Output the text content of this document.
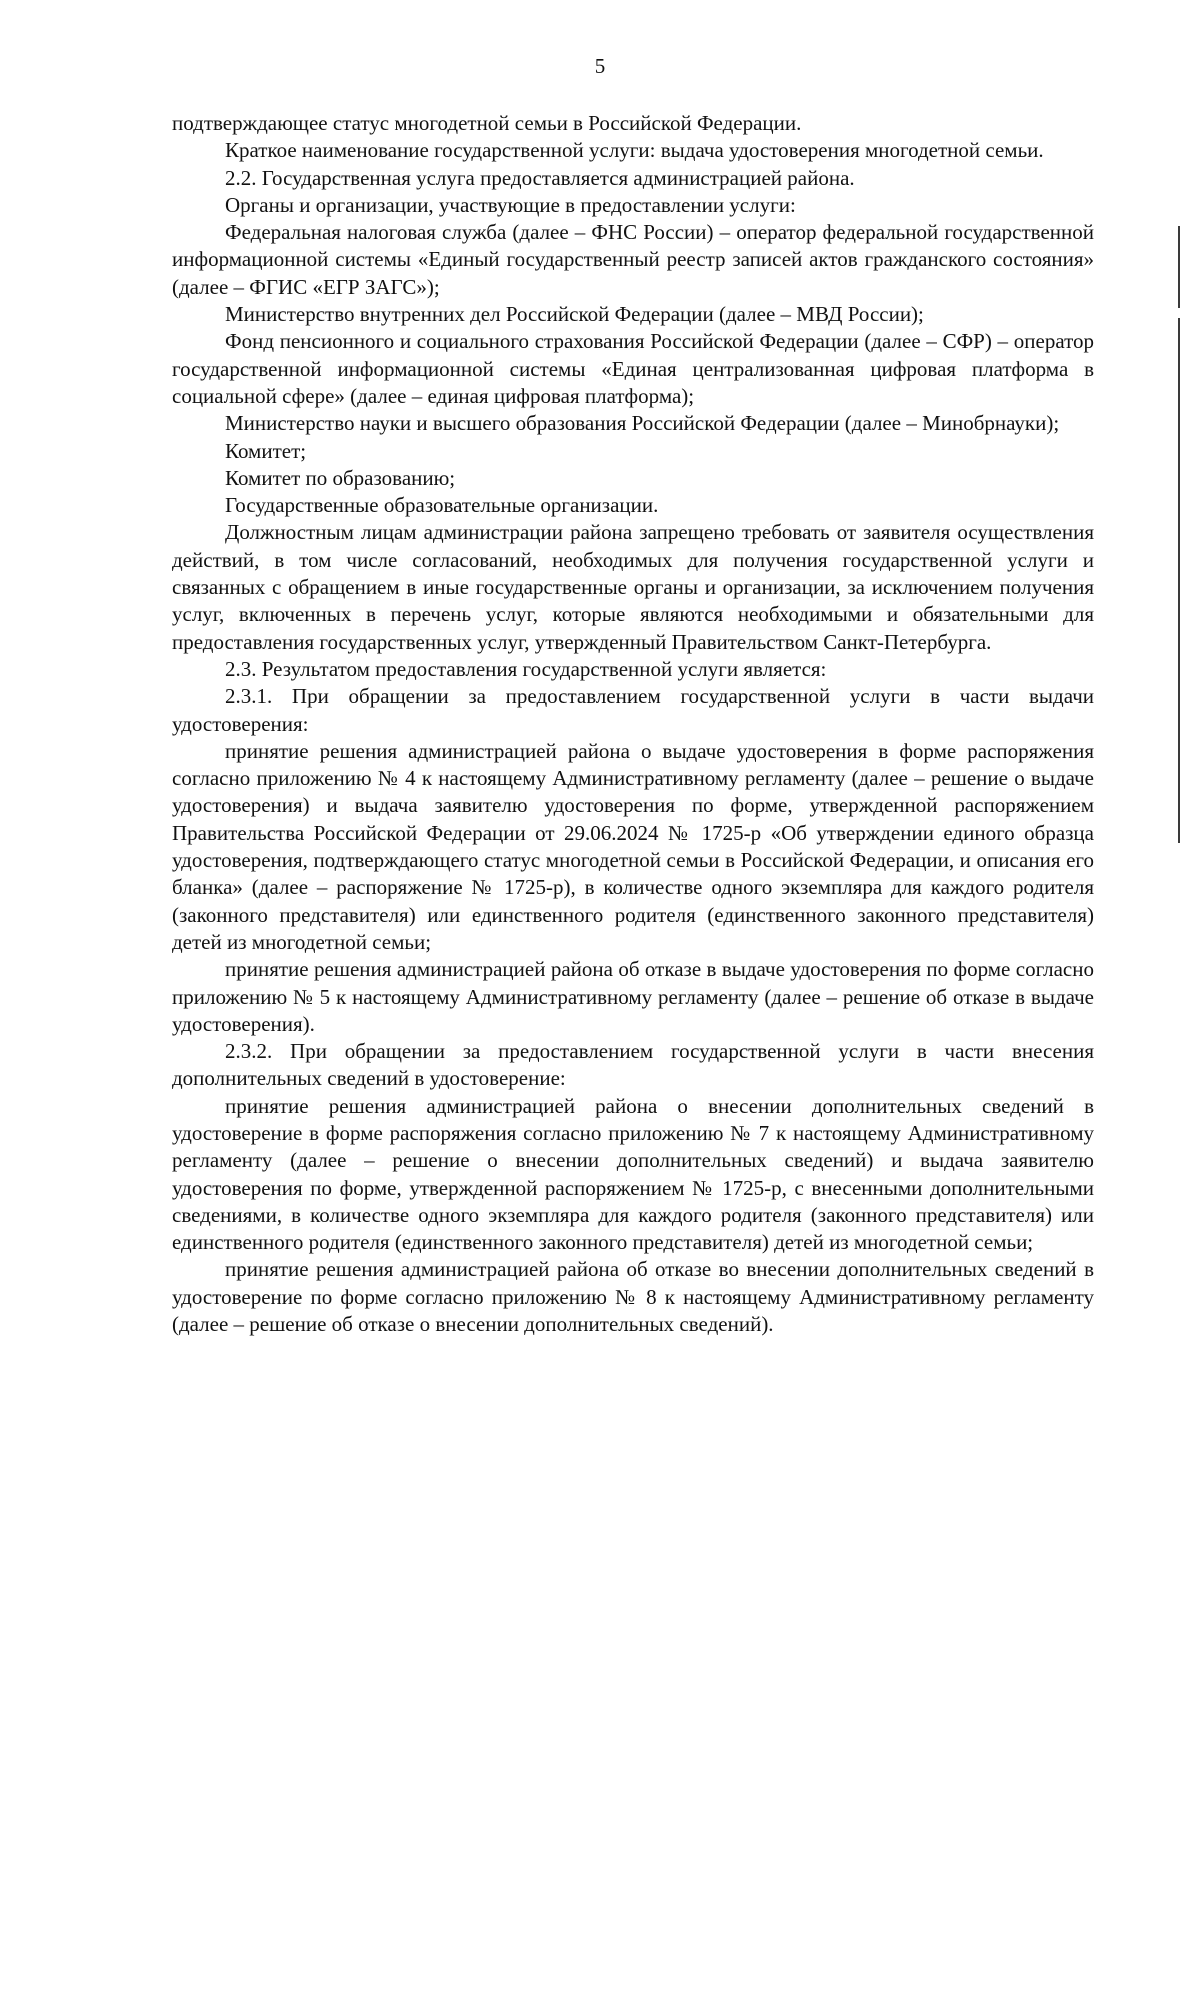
5

подтверждающее статус многодетной семьи в Российской Федерации.

Краткое наименование государственной услуги: выдача удостоверения многодетной семьи.

2.2. Государственная услуга предоставляется администрацией района.

Органы и организации, участвующие в предоставлении услуги:

Федеральная налоговая служба (далее – ФНС России) – оператор федеральной государственной информационной системы «Единый государственный реестр записей актов гражданского состояния» (далее – ФГИС «ЕГР ЗАГС»);

Министерство внутренних дел Российской Федерации (далее – МВД России);

Фонд пенсионного и социального страхования Российской Федерации (далее – СФР) – оператор государственной информационной системы «Единая централизованная цифровая платформа в социальной сфере» (далее – единая цифровая платформа);

Министерство науки и высшего образования Российской Федерации (далее – Минобрнауки);

Комитет;

Комитет по образованию;

Государственные образовательные организации.

Должностным лицам администрации района запрещено требовать от заявителя осуществления действий, в том числе согласований, необходимых для получения государственной услуги и связанных с обращением в иные государственные органы и организации, за исключением получения услуг, включенных в перечень услуг, которые являются необходимыми и обязательными для предоставления государственных услуг, утвержденный Правительством Санкт-Петербурга.

2.3. Результатом предоставления государственной услуги является:

2.3.1. При обращении за предоставлением государственной услуги в части выдачи удостоверения:

принятие решения администрацией района о выдаче удостоверения в форме распоряжения согласно приложению № 4 к настоящему Административному регламенту (далее – решение о выдаче удостоверения) и выдача заявителю удостоверения по форме, утвержденной распоряжением Правительства Российской Федерации от 29.06.2024 № 1725-р «Об утверждении единого образца удостоверения, подтверждающего статус многодетной семьи в Российской Федерации, и описания его бланка» (далее – распоряжение № 1725-р), в количестве одного экземпляра для каждого родителя (законного представителя) или единственного родителя (единственного законного представителя) детей из многодетной семьи;

принятие решения администрацией района об отказе в выдаче удостоверения по форме согласно приложению № 5 к настоящему Административному регламенту (далее – решение об отказе в выдаче удостоверения).

2.3.2. При обращении за предоставлением государственной услуги в части внесения дополнительных сведений в удостоверение:

принятие решения администрацией района о внесении дополнительных сведений в удостоверение в форме распоряжения согласно приложению № 7 к настоящему Административному регламенту (далее – решение о внесении дополнительных сведений) и выдача заявителю удостоверения по форме, утвержденной распоряжением № 1725-р, с внесенными дополнительными сведениями, в количестве одного экземпляра для каждого родителя (законного представителя) или единственного родителя (единственного законного представителя) детей из многодетной семьи;

принятие решения администрацией района об отказе во внесении дополнительных сведений в удостоверение по форме согласно приложению № 8 к настоящему Административному регламенту (далее – решение об отказе о внесении дополнительных сведений).
